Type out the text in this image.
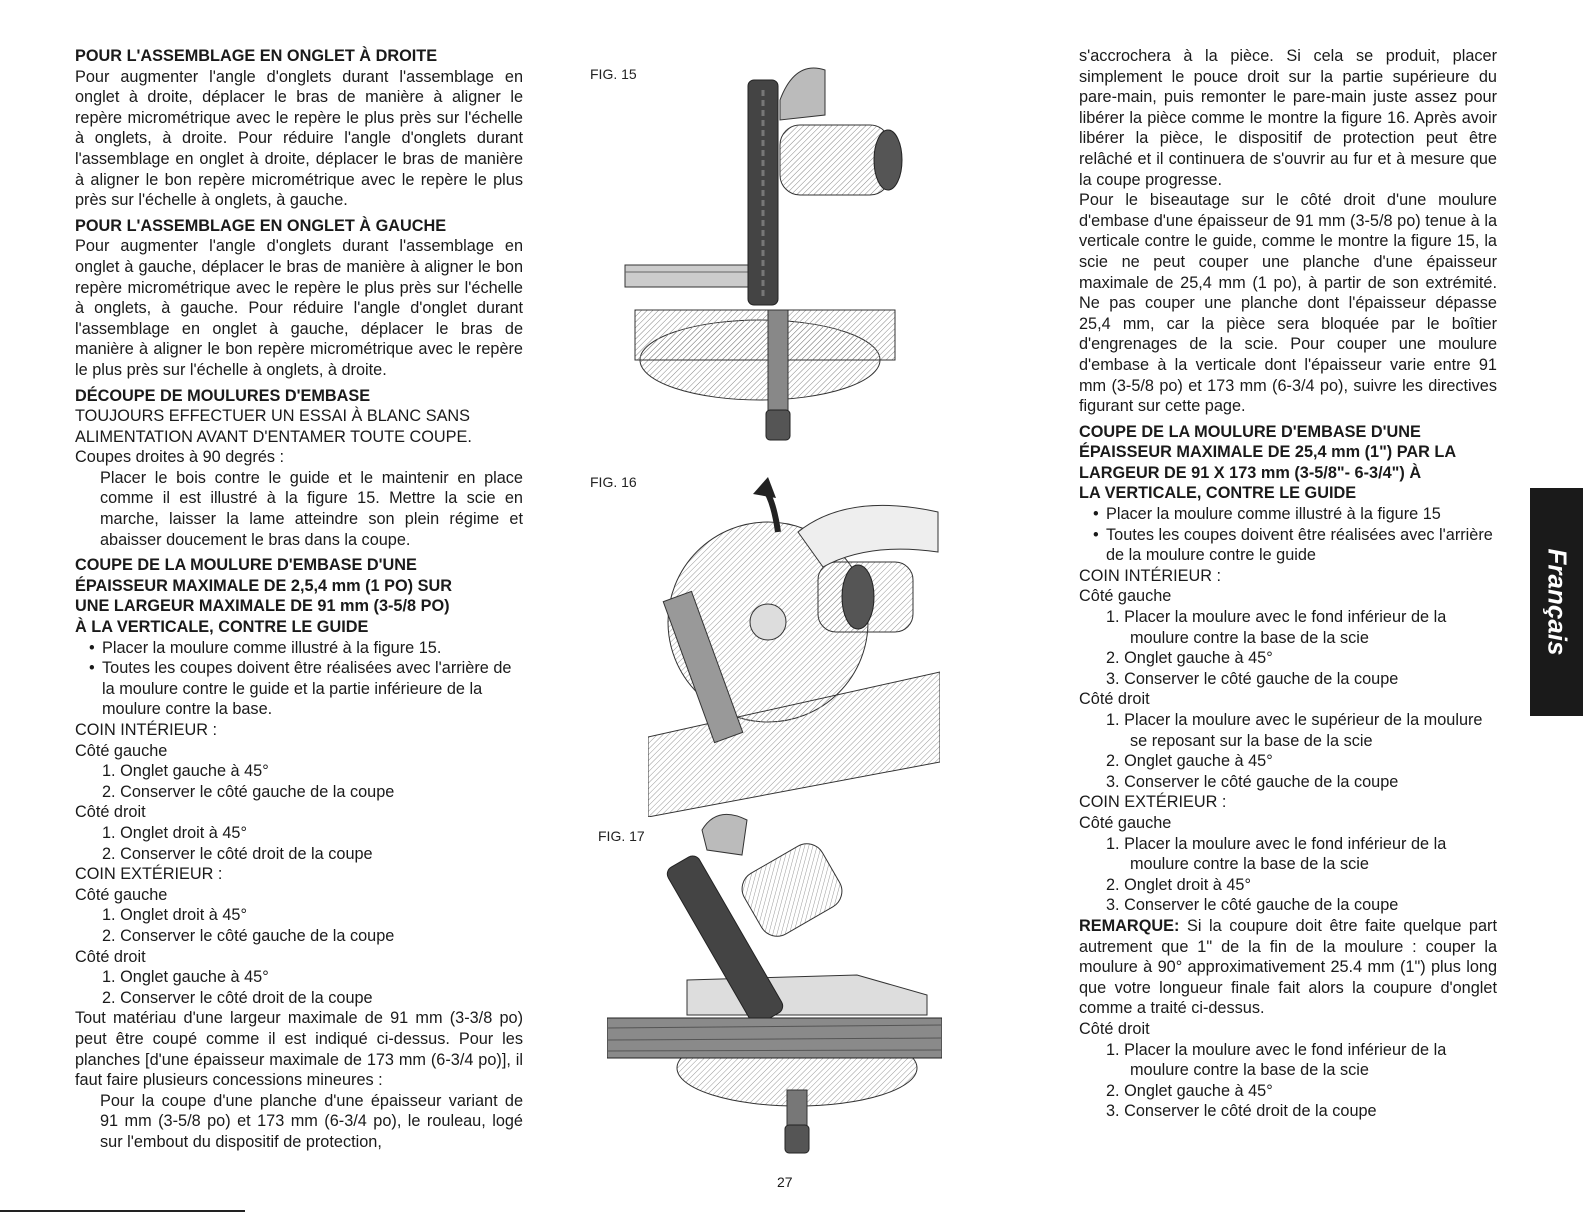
POUR L'ASSEMBLAGE EN ONGLET À DROITE

Pour augmenter l'angle d'onglets durant l'assemblage en onglet à droite, déplacer le bras de manière à aligner le repère micrométrique avec le repère le plus près sur l'échelle à onglets, à droite. Pour réduire l'angle d'onglets durant l'assemblage en onglet à droite, déplacer le bras de manière à aligner le bon repère micrométrique avec le repère le plus près sur l'échelle à onglets, à gauche.

POUR L'ASSEMBLAGE EN ONGLET À GAUCHE

Pour augmenter l'angle d'onglets durant l'assemblage en onglet à gauche, déplacer le bras de manière à aligner le bon repère micrométrique avec le repère le plus près sur l'échelle à onglets, à gauche. Pour réduire l'angle d'onglet durant l'assemblage en onglet à gauche, déplacer le bras de manière à aligner le bon repère micrométrique avec le repère le plus près sur l'échelle à onglets, à droite.

DÉCOUPE DE MOULURES D'EMBASE

TOUJOURS EFFECTUER UN ESSAI À BLANC SANS

ALIMENTATION AVANT D'ENTAMER TOUTE COUPE.

Coupes droites à 90 degrés :

Placer le bois contre le guide et le maintenir en place comme il est illustré à la figure 15. Mettre la scie en marche, laisser la lame atteindre son plein régime et abaisser doucement le bras dans la coupe.

COUPE DE LA MOULURE D'EMBASE D'UNE
ÉPAISSEUR MAXIMALE DE 2,5,4 mm (1 PO) SUR
UNE LARGEUR MAXIMALE DE 91 mm (3-5/8 PO)
À LA VERTICALE, CONTRE LE GUIDE
• Placer la moulure comme illustré à la figure 15.
• Toutes les coupes doivent être réalisées avec l'arrière de la moulure contre le guide et la partie inférieure de la moulure contre la base.

COIN INTÉRIEUR :

Côté gauche

1. Onglet gauche à 45°

2. Conserver le côté gauche de la coupe

Côté droit

1. Onglet droit à 45°

2. Conserver le côté droit de la coupe

COIN EXTÉRIEUR :

Côté gauche

1. Onglet droit à 45°

2. Conserver le côté gauche de la coupe

Côté droit

1. Onglet gauche à 45°

2. Conserver le côté droit de la coupe

Tout matériau d'une largeur maximale de 91 mm (3-3/8 po) peut être coupé comme il est indiqué ci-dessus. Pour les planches [d'une épaisseur maximale de 173 mm (6-3/4 po)], il faut faire plusieurs concessions mineures :

Pour la coupe d'une planche d'une épaisseur variant de 91 mm (3-5/8 po) et 173 mm (6-3/4 po), le rouleau, logé sur l'embout du dispositif de protection,

FIG. 15
FIG. 16
FIG. 17

s'accrochera à la pièce. Si cela se produit, placer simplement le pouce droit sur la partie supérieure du pare-main, puis remonter le pare-main juste assez pour libérer la pièce comme le montre la figure 16. Après avoir libérer la pièce, le dispositif de protection peut être relâché et il continuera de s'ouvrir au fur et à mesure que la coupe progresse.

Pour le biseautage sur le côté droit d'une moulure d'embase d'une épaisseur de 91 mm (3-5/8 po) tenue à la verticale contre le guide, comme le montre la figure 15, la scie ne peut couper une planche d'une épaisseur maximale de 25,4 mm (1 po), à partir de son extrémité. Ne pas couper une planche dont l'épaisseur dépasse 25,4 mm, car la pièce sera bloquée par le boîtier d'engrenages de la scie. Pour couper une moulure d'embase à la verticale dont l'épaisseur varie entre 91 mm (3-5/8 po) et 173 mm (6-3/4 po), suivre les directives figurant sur cette page.

COUPE DE LA MOULURE D'EMBASE D'UNE
ÉPAISSEUR MAXIMALE DE 25,4 mm (1") PAR LA
LARGEUR DE 91 X 173 mm (3-5/8"- 6-3/4") À
LA VERTICALE, CONTRE LE GUIDE
• Placer la moulure comme illustré à la figure 15
• Toutes les coupes doivent être réalisées avec l'arrière de la moulure contre le guide

COIN INTÉRIEUR :

Côté gauche

1. Placer la moulure avec le fond inférieur de la moulure contre la base de la scie

2. Onglet gauche à 45°

3. Conserver le côté gauche de la coupe

Côté droit

1. Placer la moulure avec le supérieur de la moulure se reposant sur la base de la scie

2. Onglet gauche à 45°

3. Conserver le côté gauche de la coupe

COIN EXTÉRIEUR :

Côté gauche

1. Placer la moulure avec le fond inférieur de la moulure contre la base de la scie

2. Onglet droit à 45°

3. Conserver le côté gauche de la coupe

REMARQUE: Si la coupure doit être faite quelque part autrement que 1" de la fin de la moulure : couper la moulure à 90° approximativement 25.4 mm (1") plus long que votre longueur finale fait alors la coupure d'onglet comme a traité ci-dessus.

Côté droit

1. Placer la moulure avec le fond inférieur de la moulure contre la base de la scie

2. Onglet gauche à 45°

3. Conserver le côté droit de la coupe

Français
27
